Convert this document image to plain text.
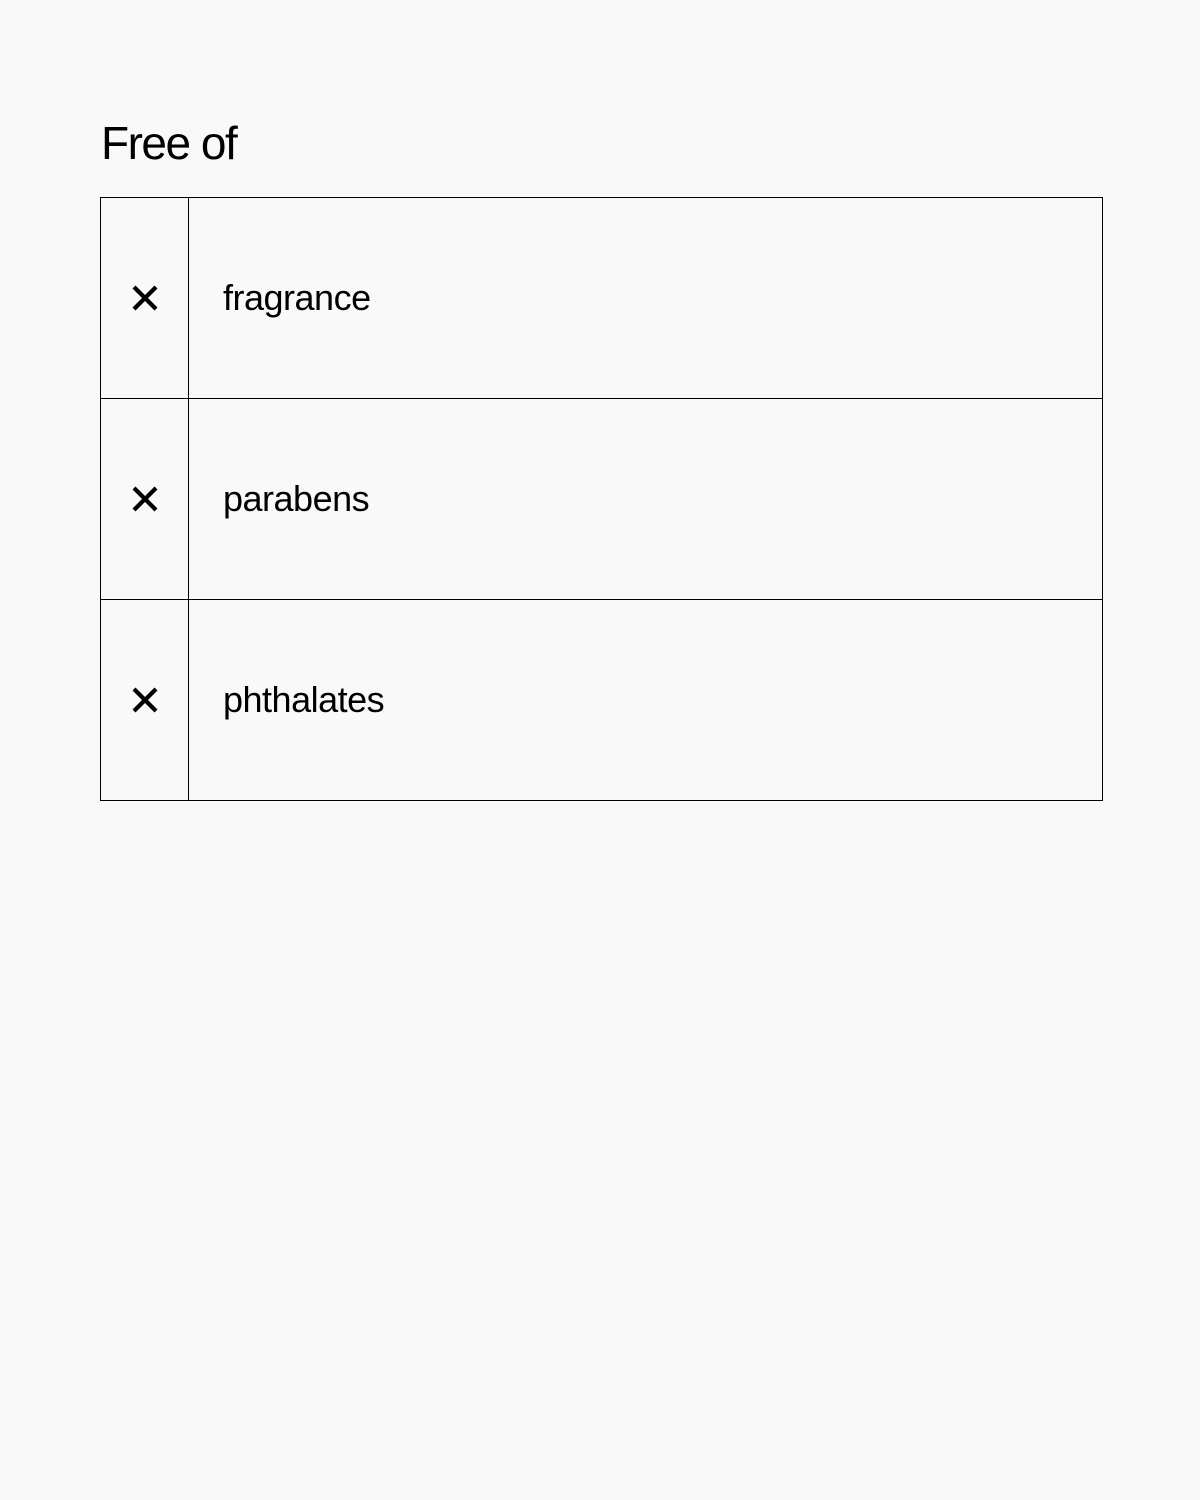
Free of
fragrance
parabens
phthalates
